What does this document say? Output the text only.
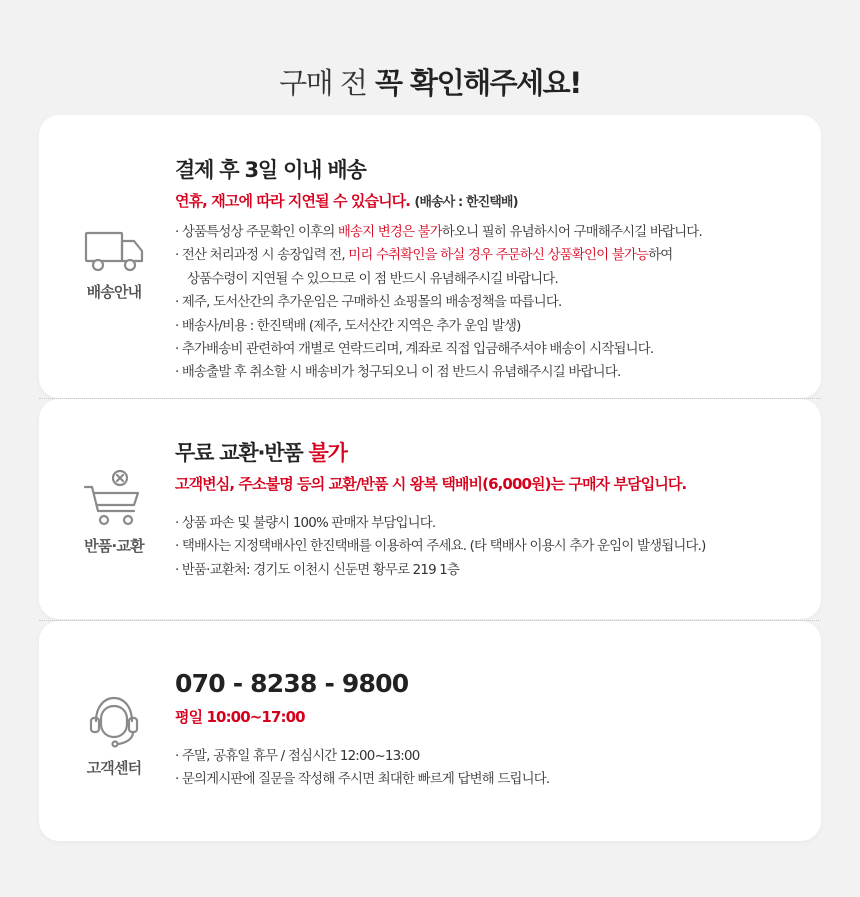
구매 전 꼭 확인해주세요!
배송안내
결제 후 3일 이내 배송
연휴, 재고에 따라 지연될 수 있습니다. (배송사 : 한진택배)
· 상품특성상 주문확인 이후의 배송지 변경은 불가하오니 필히 유념하시어 구매해주시길 바랍니다.
· 전산 처리과정 시 송장입력 전, 미리 수취확인을 하실 경우 주문하신 상품확인이 불가능하여
상품수령이 지연될 수 있으므로 이 점 반드시 유념해주시길 바랍니다.
· 제주, 도서산간의 추가운임은 구매하신 쇼핑몰의 배송정책을 따릅니다.
· 배송사/비용 : 한진택배 (제주, 도서산간 지역은 추가 운임 발생)
· 추가배송비 관련하여 개별로 연락드리며, 계좌로 직접 입금해주셔야 배송이 시작됩니다.
· 배송출발 후 취소할 시 배송비가 청구되오니 이 점 반드시 유념해주시길 바랍니다.
반품·교환
무료 교환·반품 불가
고객변심, 주소불명 등의 교환/반품 시 왕복 택배비(6,000원)는 구매자 부담입니다.
· 상품 파손 및 불량시 100% 판매자 부담입니다.
· 택배사는 지정택배사인 한진택배를 이용하여 주세요. (타 택배사 이용시 추가 운임이 발생됩니다.)
· 반품·교환처: 경기도 이천시 신둔면 황무로 219 1층
고객센터
070 - 8238 - 9800
평일 10:00~17:00
· 주말, 공휴일 휴무 / 점심시간 12:00~13:00
· 문의게시판에 질문을 작성해 주시면 최대한 빠르게 답변해 드립니다.
